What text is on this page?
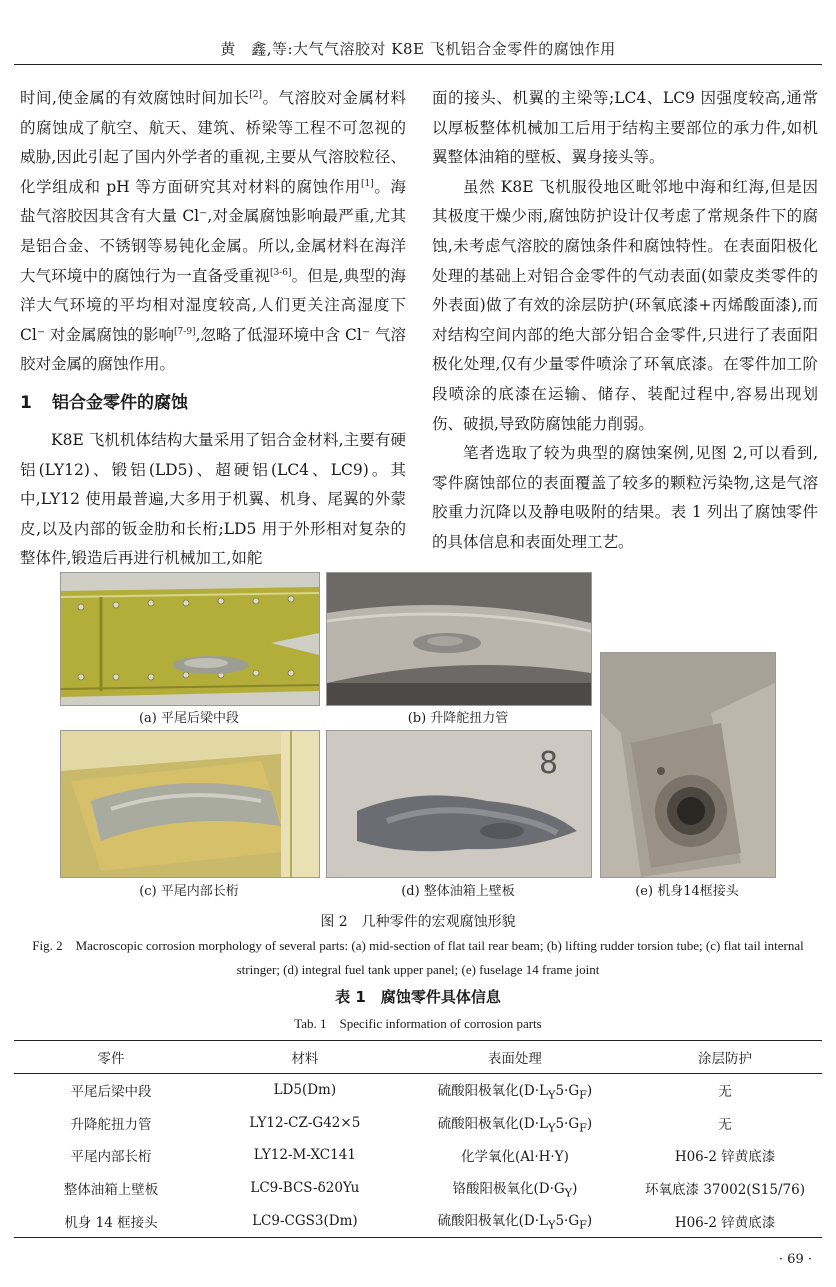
黄　鑫,等:大气气溶胶对 K8E 飞机铝合金零件的腐蚀作用

时间,使金属的有效腐蚀时间加长[2]。气溶胶对金属材料的腐蚀成了航空、航天、建筑、桥梁等工程不可忽视的威胁,因此引起了国内外学者的重视,主要从气溶胶粒径、化学组成和 pH 等方面研究其对材料的腐蚀作用[1]。海盐气溶胶因其含有大量 Cl⁻,对金属腐蚀影响最严重,尤其是铝合金、不锈钢等易钝化金属。所以,金属材料在海洋大气环境中的腐蚀行为一直备受重视[3-6]。但是,典型的海洋大气环境的平均相对湿度较高,人们更关注高湿度下 Cl⁻ 对金属腐蚀的影响[7-9],忽略了低湿环境中含 Cl⁻ 气溶胶对金属的腐蚀作用。

1 铝合金零件的腐蚀

K8E 飞机机体结构大量采用了铝合金材料,主要有硬铝(LY12)、锻铝(LD5)、超硬铝(LC4、LC9)。其中,LY12 使用最普遍,大多用于机翼、机身、尾翼的外蒙皮,以及内部的钣金肋和长桁;LD5 用于外形相对复杂的整体件,锻造后再进行机械加工,如舵

面的接头、机翼的主梁等;LC4、LC9 因强度较高,通常以厚板整体机械加工后用于结构主要部位的承力件,如机翼整体油箱的壁板、翼身接头等。

虽然 K8E 飞机服役地区毗邻地中海和红海,但是因其极度干燥少雨,腐蚀防护设计仅考虑了常规条件下的腐蚀,未考虑气溶胶的腐蚀条件和腐蚀特性。在表面阳极化处理的基础上对铝合金零件的气动表面(如蒙皮类零件的外表面)做了有效的涂层防护(环氧底漆+丙烯酸面漆),而对结构空间内部的绝大部分铝合金零件,只进行了表面阳极化处理,仅有少量零件喷涂了环氧底漆。在零件加工阶段喷涂的底漆在运输、储存、装配过程中,容易出现划伤、破损,导致防腐蚀能力削弱。

笔者选取了较为典型的腐蚀案例,见图 2,可以看到,零件腐蚀部位的表面覆盖了较多的颗粒污染物,这是气溶胶重力沉降以及静电吸附的结果。表 1 列出了腐蚀零件的具体信息和表面处理工艺。

(a) 平尾后梁中段	(b) 升降舵扭力管
(c) 平尾内部长桁
8
(d) 整体油箱上壁板	(e) 机身14框接头
图 2　几种零件的宏观腐蚀形貌
Fig. 2　Macroscopic corrosion morphology of several parts: (a) mid-section of flat tail rear beam; (b) lifting rudder torsion tube; (c) flat tail internal stringer; (d) integral fuel tank upper panel; (e) fuselage 14 frame joint
表 1　腐蚀零件具体信息
Tab. 1　Specific information of corrosion parts
零件	材料	表面处理	涂层防护
平尾后梁中段	LD5(Dm)	硫酸阳极氧化$(D\cdot L_Y5\cdot G_F)$	无
升降舵扭力管	LY12-CZ-G42×5	硫酸阳极氧化$(D\cdot L_Y5\cdot G_F)$	无
平尾内部长桁	LY12-M-XC141	化学氧化(Al·H·Y)	H06-2 锌黄底漆
整体油箱上壁板	LC9-BCS-δ20Yu	铬酸阳极氧化$(D\cdot G_Y)$	环氧底漆 37002(S15/76)
机身 14 框接头	LC9-CGS3(Dm)	硫酸阳极氧化$(D\cdot L_Y5\cdot G_F)$	H06-2 锌黄底漆
· 69 ·
